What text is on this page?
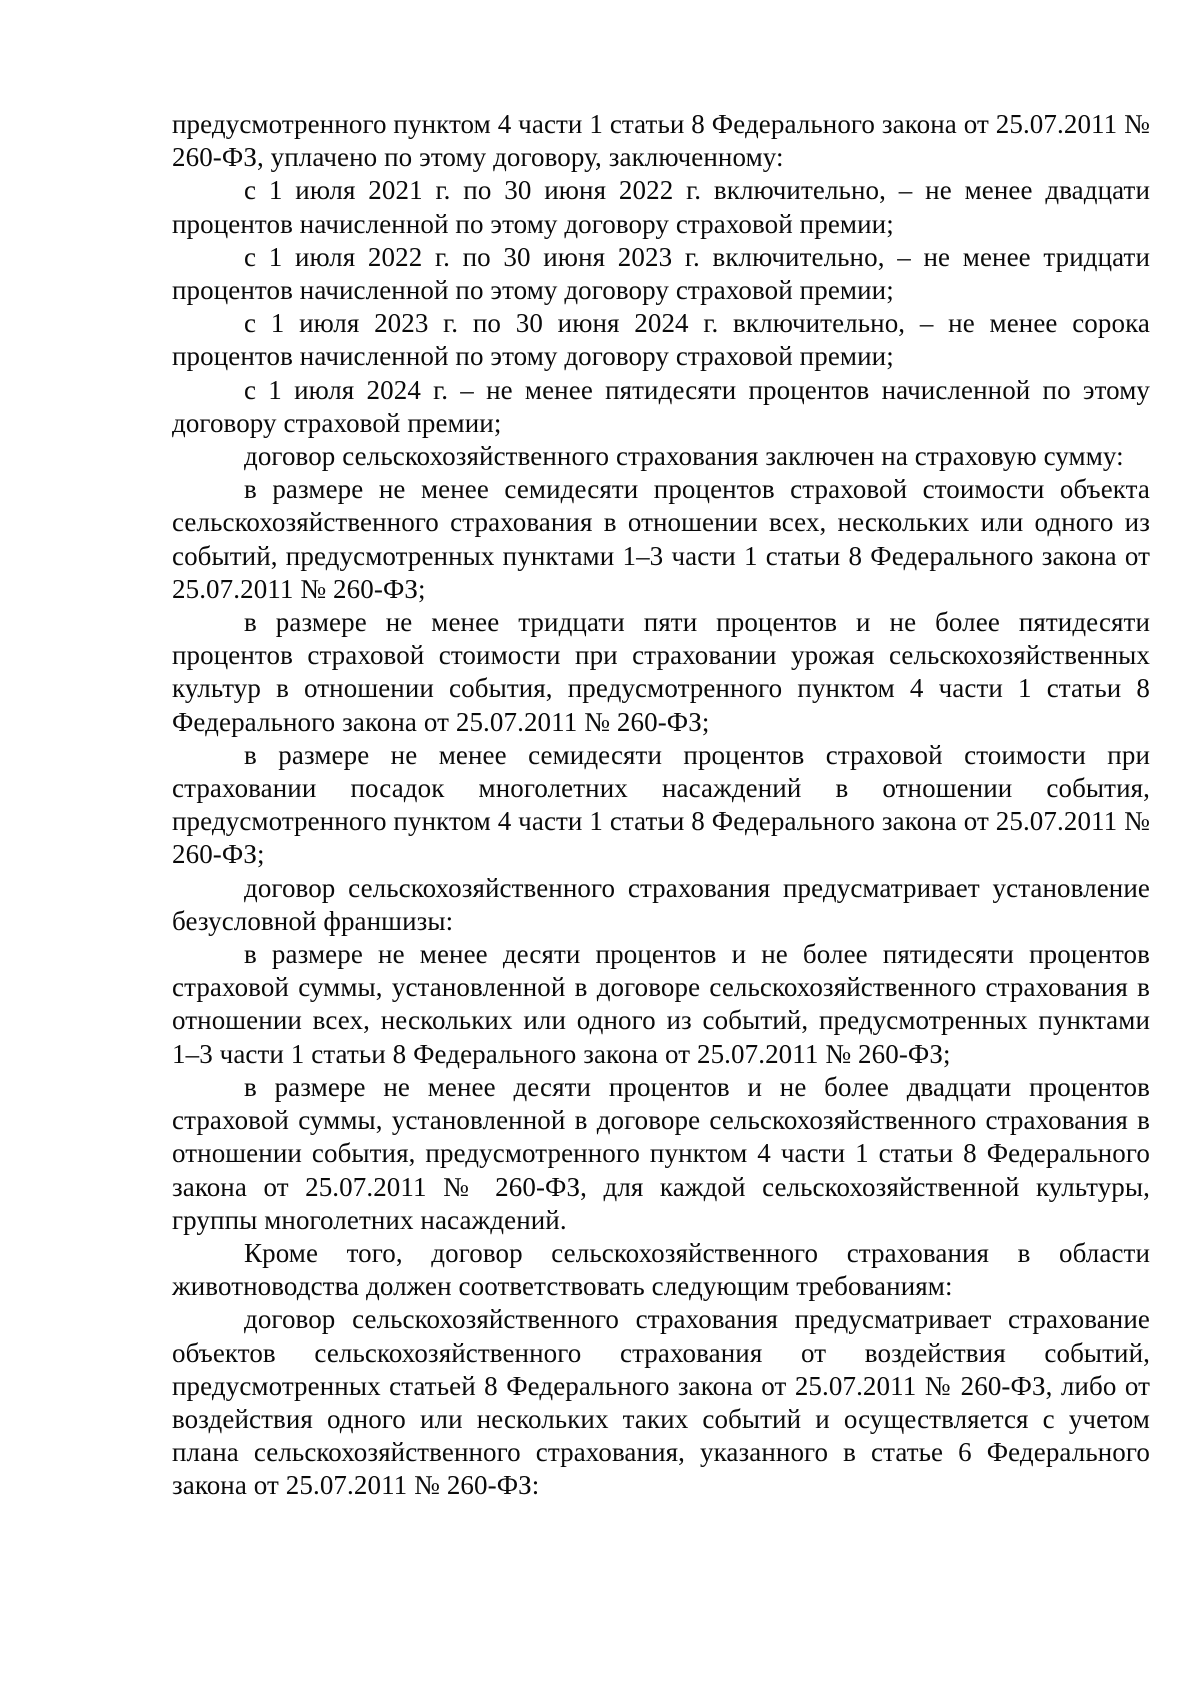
предусмотренного пунктом 4 части 1 статьи 8 Федерального закона от 25.07.2011 № 260-ФЗ, уплачено по этому договору, заключенному:

с 1 июля 2021 г. по 30 июня 2022 г. включительно, – не менее двадцати процентов начисленной по этому договору страховой премии;

с 1 июля 2022 г. по 30 июня 2023 г. включительно, – не менее тридцати процентов начисленной по этому договору страховой премии;

с 1 июля 2023 г. по 30 июня 2024 г. включительно, – не менее сорока процентов начисленной по этому договору страховой премии;

с 1 июля 2024 г. – не менее пятидесяти процентов начисленной по этому договору страховой премии;

договор сельскохозяйственного страхования заключен на страховую сумму:

в размере не менее семидесяти процентов страховой стоимости объекта сельскохозяйственного страхования в отношении всех, нескольких или одного из событий, предусмотренных пунктами 1–3 части 1 статьи 8 Федерального закона от 25.07.2011 № 260-ФЗ;

в размере не менее тридцати пяти процентов и не более пятидесяти процентов страховой стоимости при страховании урожая сельскохозяйственных культур в отношении события, предусмотренного пунктом 4 части 1 статьи 8 Федерального закона от 25.07.2011 № 260-ФЗ;

в размере не менее семидесяти процентов страховой стоимости при страховании посадок многолетних насаждений в отношении события, предусмотренного пунктом 4 части 1 статьи 8 Федерального закона от 25.07.2011 № 260-ФЗ;

договор сельскохозяйственного страхования предусматривает установление безусловной франшизы:

в размере не менее десяти процентов и не более пятидесяти процентов страховой суммы, установленной в договоре сельскохозяйственного страхования в отношении всех, нескольких или одного из событий, предусмотренных пунктами 1–3 части 1 статьи 8 Федерального закона от 25.07.2011 № 260-ФЗ;

в размере не менее десяти процентов и не более двадцати процентов страховой суммы, установленной в договоре сельскохозяйственного страхования в отношении события, предусмотренного пунктом 4 части 1 статьи 8 Федерального закона от 25.07.2011 № 260-ФЗ, для каждой сельскохозяйственной культуры, группы многолетних насаждений.

Кроме того, договор сельскохозяйственного страхования в области животноводства должен соответствовать следующим требованиям:

договор сельскохозяйственного страхования предусматривает страхование объектов сельскохозяйственного страхования от воздействия событий, предусмотренных статьей 8 Федерального закона от 25.07.2011 № 260-ФЗ, либо от воздействия одного или нескольких таких событий и осуществляется с учетом плана сельскохозяйственного страхования, указанного в статье 6 Федерального закона от 25.07.2011 № 260-ФЗ:
